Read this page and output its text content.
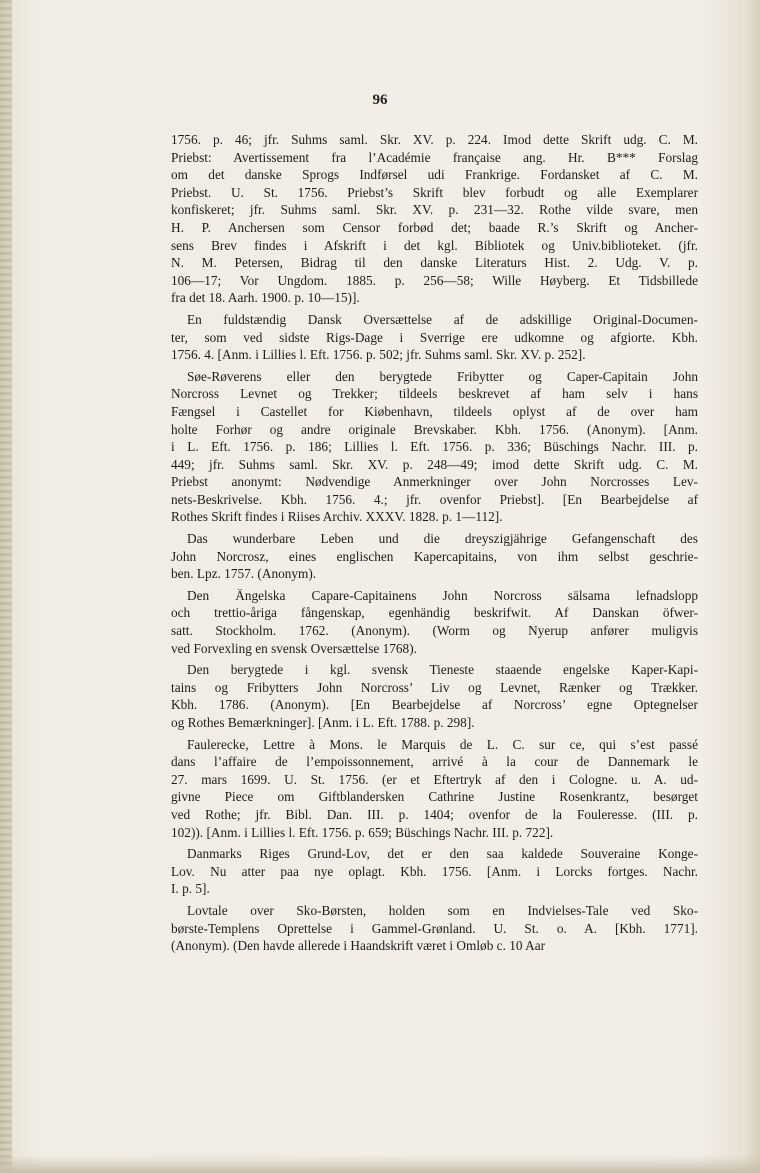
96
1756. p. 46; jfr. Suhms saml. Skr. XV. p. 224. Imod dette Skrift udg. C. M.
Priebst: Avertissement fra l’Académie française ang. Hr. B*** Forslag
om det danske Sprogs Indførsel udi Frankrige. Fordansket af C. M.
Priebst. U. St. 1756. Priebst’s Skrift blev forbudt og alle Exemplarer
konfiskeret; jfr. Suhms saml. Skr. XV. p. 231—32. Rothe vilde svare, men
H. P. Anchersen som Censor forbød det; baade R.’s Skrift og Ancher-
sens Brev findes i Afskrift i det kgl. Bibliotek og Univ.biblioteket. (jfr.
N. M. Petersen, Bidrag til den danske Literaturs Hist. 2. Udg. V. p.
106—17; Vor Ungdom. 1885. p. 256—58; Wille Høyberg. Et Tidsbillede
fra det 18. Aarh. 1900. p. 10—15)].
En fuldstændig Dansk Oversættelse af de adskillige Original-Documen-
ter, som ved sidste Rigs-Dage i Sverrige ere udkomne og afgiorte. Kbh.
1756. 4. [Anm. i Lillies l. Eft. 1756. p. 502; jfr. Suhms saml. Skr. XV. p. 252].
Søe-Røverens eller den berygtede Fribytter og Caper-Capitain John
Norcross Levnet og Trekker; tildeels beskrevet af ham selv i hans
Fængsel i Castellet for Kiøbenhavn, tildeels oplyst af de over ham
holte Forhør og andre originale Brevskaber. Kbh. 1756. (Anonym). [Anm.
i L. Eft. 1756. p. 186; Lillies l. Eft. 1756. p. 336; Büschings Nachr. III. p.
449; jfr. Suhms saml. Skr. XV. p. 248—49; imod dette Skrift udg. C. M.
Priebst anonymt: Nødvendige Anmerkninger over John Norcrosses Lev-
nets-Beskrivelse. Kbh. 1756. 4.; jfr. ovenfor Priebst]. [En Bearbejdelse af
Rothes Skrift findes i Riises Archiv. XXXV. 1828. p. 1—112].
Das wunderbare Leben und die dreyszigjährige Gefangenschaft des
John Norcrosz, eines englischen Kapercapitains, von ihm selbst geschrie-
ben. Lpz. 1757. (Anonym).
Den Ängelska Capare-Capitainens John Norcross sälsama lefnadslopp
och trettio-åriga fångenskap, egenhändig beskrifwit. Af Danskan öfwer-
satt. Stockholm. 1762. (Anonym). (Worm og Nyerup anfører muligvis
ved Forvexling en svensk Oversættelse 1768).
Den berygtede i kgl. svensk Tieneste staaende engelske Kaper-Kapi-
tains og Fribytters John Norcross’ Liv og Levnet, Rænker og Trækker.
Kbh. 1786. (Anonym). [En Bearbejdelse af Norcross’ egne Optegnelser
og Rothes Bemærkninger]. [Anm. i L. Eft. 1788. p. 298].
Faulerecke, Lettre à Mons. le Marquis de L. C. sur ce, qui s’est passé
dans l’affaire de l’empoissonnement, arrivé à la cour de Dannemark le
27. mars 1699. U. St. 1756. (er et Eftertryk af den i Cologne. u. A. ud-
givne Piece om Giftblandersken Cathrine Justine Rosenkrantz, besørget
ved Rothe; jfr. Bibl. Dan. III. p. 1404; ovenfor de la Fouleresse. (III. p.
102)). [Anm. i Lillies l. Eft. 1756. p. 659; Büschings Nachr. III. p. 722].
Danmarks Riges Grund-Lov, det er den saa kaldede Souveraine Konge-
Lov. Nu atter paa nye oplagt. Kbh. 1756. [Anm. i Lorcks fortges. Nachr.
I. p. 5].
Lovtale over Sko-Børsten, holden som en Indvielses-Tale ved Sko-
børste-Templens Oprettelse i Gammel-Grønland. U. St. o. A. [Kbh. 1771].
(Anonym). (Den havde allerede i Haandskrift været i Omløb c. 10 Aar
